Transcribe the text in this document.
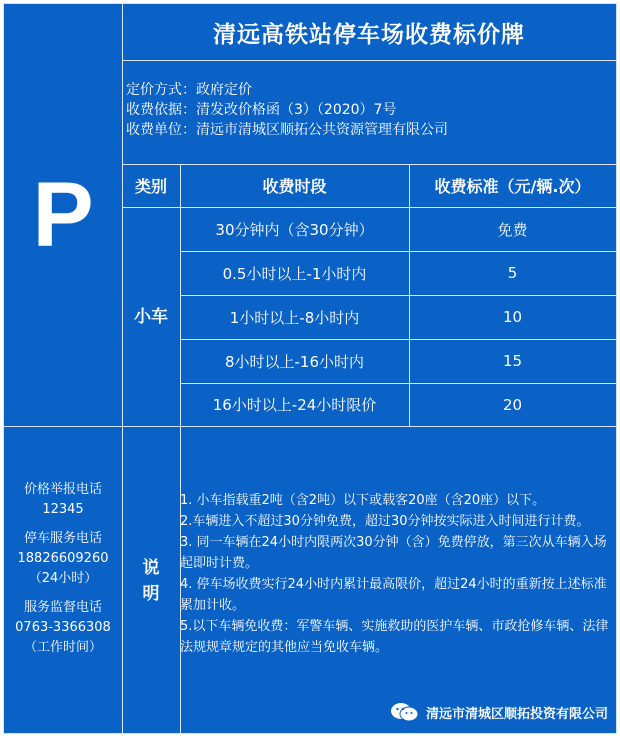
P
清远高铁站停车场收费标价牌
定价方式：政府定价
收费依据：清发改价格函（3）（2020）7号
收费单位：清远市清城区顺拓公共资源管理有限公司
类别	收费时段	收费标准（元/辆.次）
小车
30分钟内（含30分钟）	免费
0.5小时以上-1小时内	5
1小时以上-8小时内	10
8小时以上-16小时内	15
16小时以上-24小时限价	20
价格举报电话
12345
停车服务电话
18826609260
（24小时）
服务监督电话
0763-3366308
（工作时间）
说
明
1. 小车指载重2吨（含2吨）以下或载客20座（含20座）以下。
2.车辆进入不超过30分钟免费，超过30分钟按实际进入时间进行计费。
3. 同一车辆在24小时内限两次30分钟（含）免费停放，第三次从车辆入场起即时计费。
4. 停车场收费实行24小时内累计最高限价，超过24小时的重新按上述标准累加计收。
5.以下车辆免收费：军警车辆、实施救助的医护车辆、市政抢修车辆、法律法规规章规定的其他应当免收车辆。
清远市清城区顺拓投资有限公司
